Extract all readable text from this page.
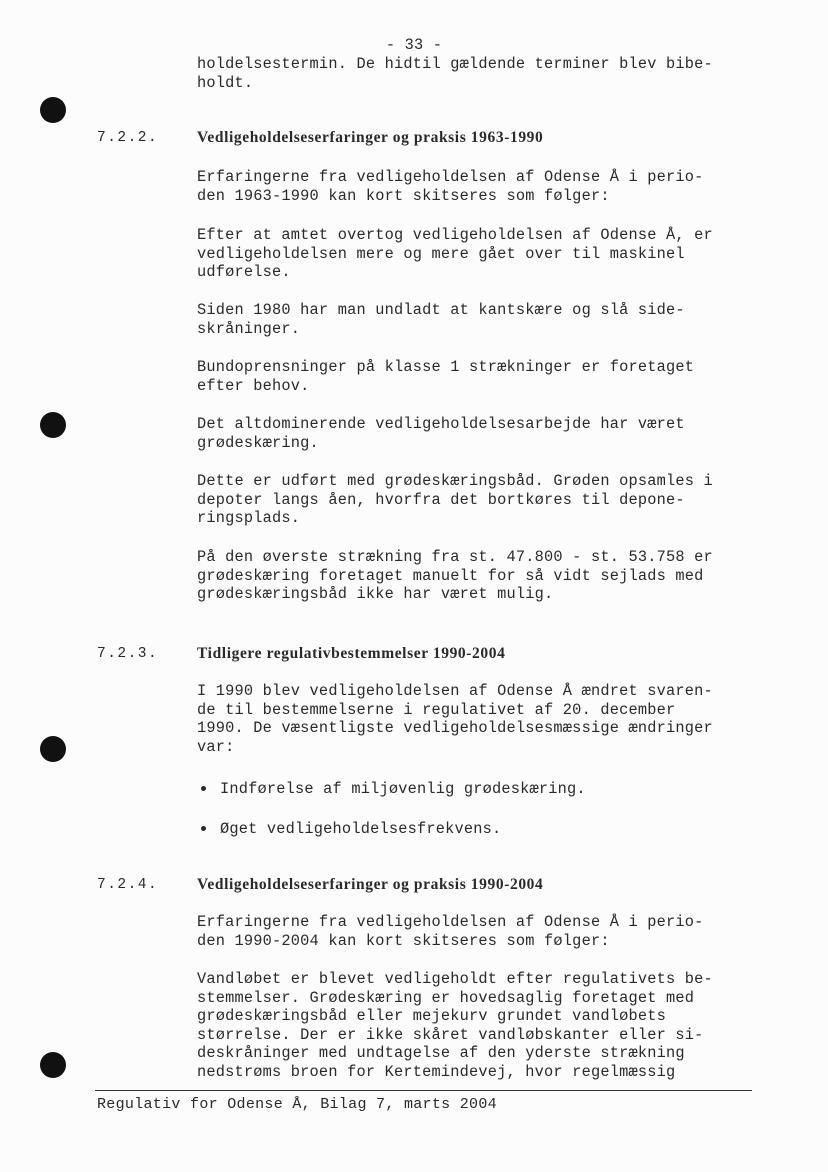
- 33 -
holdelsestermin. De hidtil gældende terminer blev bibe-
holdt.
7.2.2.	Vedligeholdelseserfaringer og praksis 1963-1990
Erfaringerne fra vedligeholdelsen af Odense Å i perio-
den 1963-1990 kan kort skitseres som følger:
Efter at amtet overtog vedligeholdelsen af Odense Å, er
vedligeholdelsen mere og mere gået over til maskinel
udførelse.
Siden 1980 har man undladt at kantskære og slå side-
skråninger.
Bundoprensninger på klasse 1 strækninger er foretaget
efter behov.
Det altdominerende vedligeholdelsesarbejde har været
grødeskæring.
Dette er udført med grødeskæringsbåd. Grøden opsamles i
depoter langs åen, hvorfra det bortkøres til depone-
ringsplads.
På den øverste strækning fra st. 47.800 - st. 53.758 er
grødeskæring foretaget manuelt for så vidt sejlads med
grødeskæringsbåd ikke har været mulig.
7.2.3.	Tidligere regulativbestemmelser 1990-2004
I 1990 blev vedligeholdelsen af Odense Å ændret svaren-
de til bestemmelserne i regulativet af 20. december
1990. De væsentligste vedligeholdelsesmæssige ændringer
var:
Indførelse af miljøvenlig grødeskæring.
Øget vedligeholdelsesfrekvens.
7.2.4.	Vedligeholdelseserfaringer og praksis 1990-2004
Erfaringerne fra vedligeholdelsen af Odense Å i perio-
den 1990-2004 kan kort skitseres som følger:
Vandløbet er blevet vedligeholdt efter regulativets be-
stemmelser. Grødeskæring er hovedsaglig foretaget med
grødeskæringsbåd eller mejekurv grundet vandløbets
størrelse. Der er ikke skåret vandløbskanter eller si-
deskråninger med undtagelse af den yderste strækning
nedstrøms broen for Kertemindevej, hvor regelmæssig
Regulativ for Odense Å, Bilag 7, marts 2004
